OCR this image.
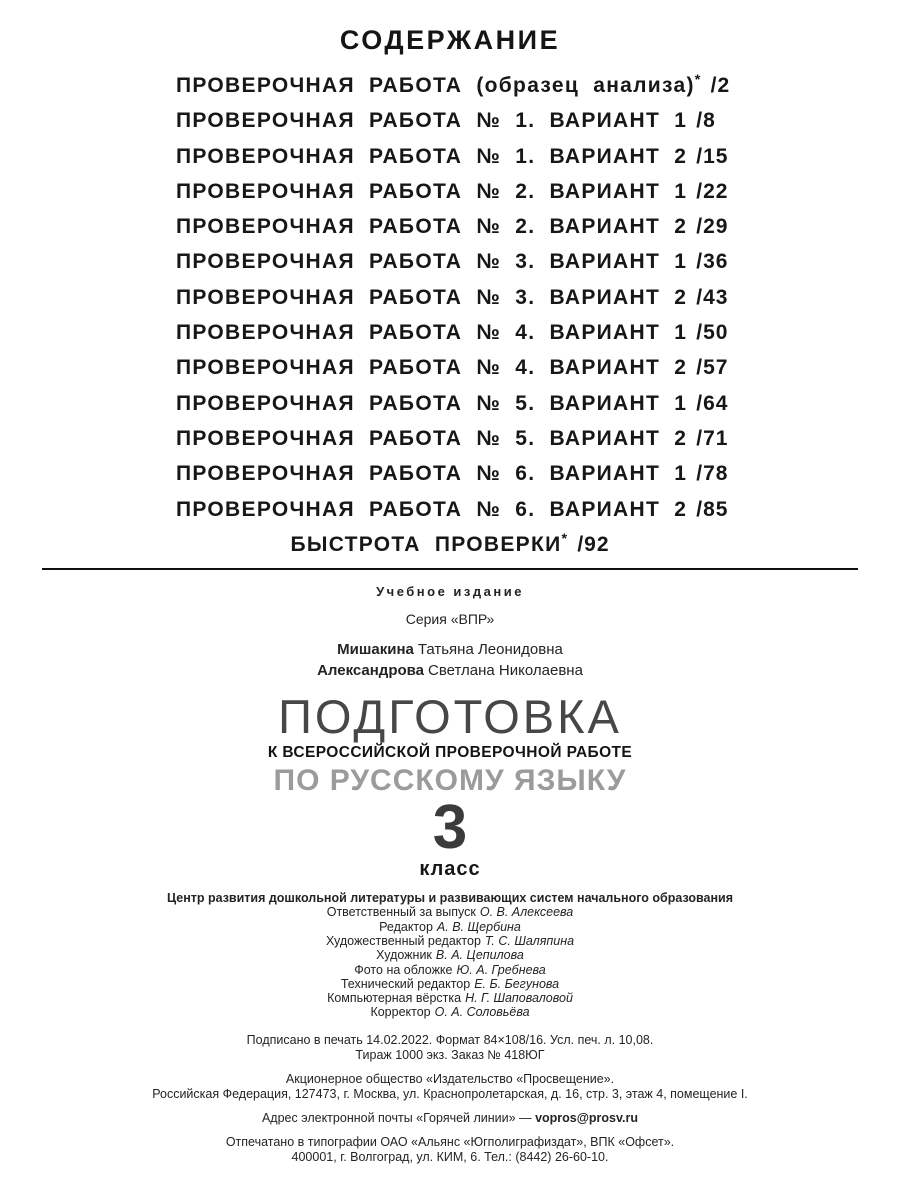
СОДЕРЖАНИЕ
ПРОВЕРОЧНАЯ РАБОТА (образец анализа)* /2
ПРОВЕРОЧНАЯ РАБОТА № 1. ВАРИАНТ 1 /8
ПРОВЕРОЧНАЯ РАБОТА № 1. ВАРИАНТ 2 /15
ПРОВЕРОЧНАЯ РАБОТА № 2. ВАРИАНТ 1 /22
ПРОВЕРОЧНАЯ РАБОТА № 2. ВАРИАНТ 2 /29
ПРОВЕРОЧНАЯ РАБОТА № 3. ВАРИАНТ 1 /36
ПРОВЕРОЧНАЯ РАБОТА № 3. ВАРИАНТ 2 /43
ПРОВЕРОЧНАЯ РАБОТА № 4. ВАРИАНТ 1 /50
ПРОВЕРОЧНАЯ РАБОТА № 4. ВАРИАНТ 2 /57
ПРОВЕРОЧНАЯ РАБОТА № 5. ВАРИАНТ 1 /64
ПРОВЕРОЧНАЯ РАБОТА № 5. ВАРИАНТ 2 /71
ПРОВЕРОЧНАЯ РАБОТА № 6. ВАРИАНТ 1 /78
ПРОВЕРОЧНАЯ РАБОТА № 6. ВАРИАНТ 2 /85
БЫСТРОТА ПРОВЕРКИ* /92
Учебное издание
Серия «ВПР»
Мишакина Татьяна Леонидовна
Александрова Светлана Николаевна
ПОДГОТОВКА
К ВСЕРОССИЙСКОЙ ПРОВЕРОЧНОЙ РАБОТЕ
ПО РУССКОМУ ЯЗЫКУ
3
класс
Центр развития дошкольной литературы и развивающих систем начального образования
Ответственный за выпуск О. В. Алексеева
Редактор А. В. Щербина
Художественный редактор Т. С. Шаляпина
Художник В. А. Цепилова
Фото на обложке Ю. А. Гребнева
Технический редактор Е. Б. Бегунова
Компьютерная вёрстка Н. Г. Шаповаловой
Корректор О. А. Соловьёва
Подписано в печать 14.02.2022. Формат 84×108/16. Усл. печ. л. 10,08.
Тираж 1000 экз. Заказ № 418ЮГ
Акционерное общество «Издательство «Просвещение».
Российская Федерация, 127473, г. Москва, ул. Краснопролетарская, д. 16, стр. 3, этаж 4, помещение I.
Адрес электронной почты «Горячей линии» — vopros@prosv.ru
Отпечатано в типографии ОАО «Альянс «Югполиграфиздат», ВПК «Офсет».
400001, г. Волгоград, ул. КИМ, 6. Тел.: (8442) 26-60-10.
